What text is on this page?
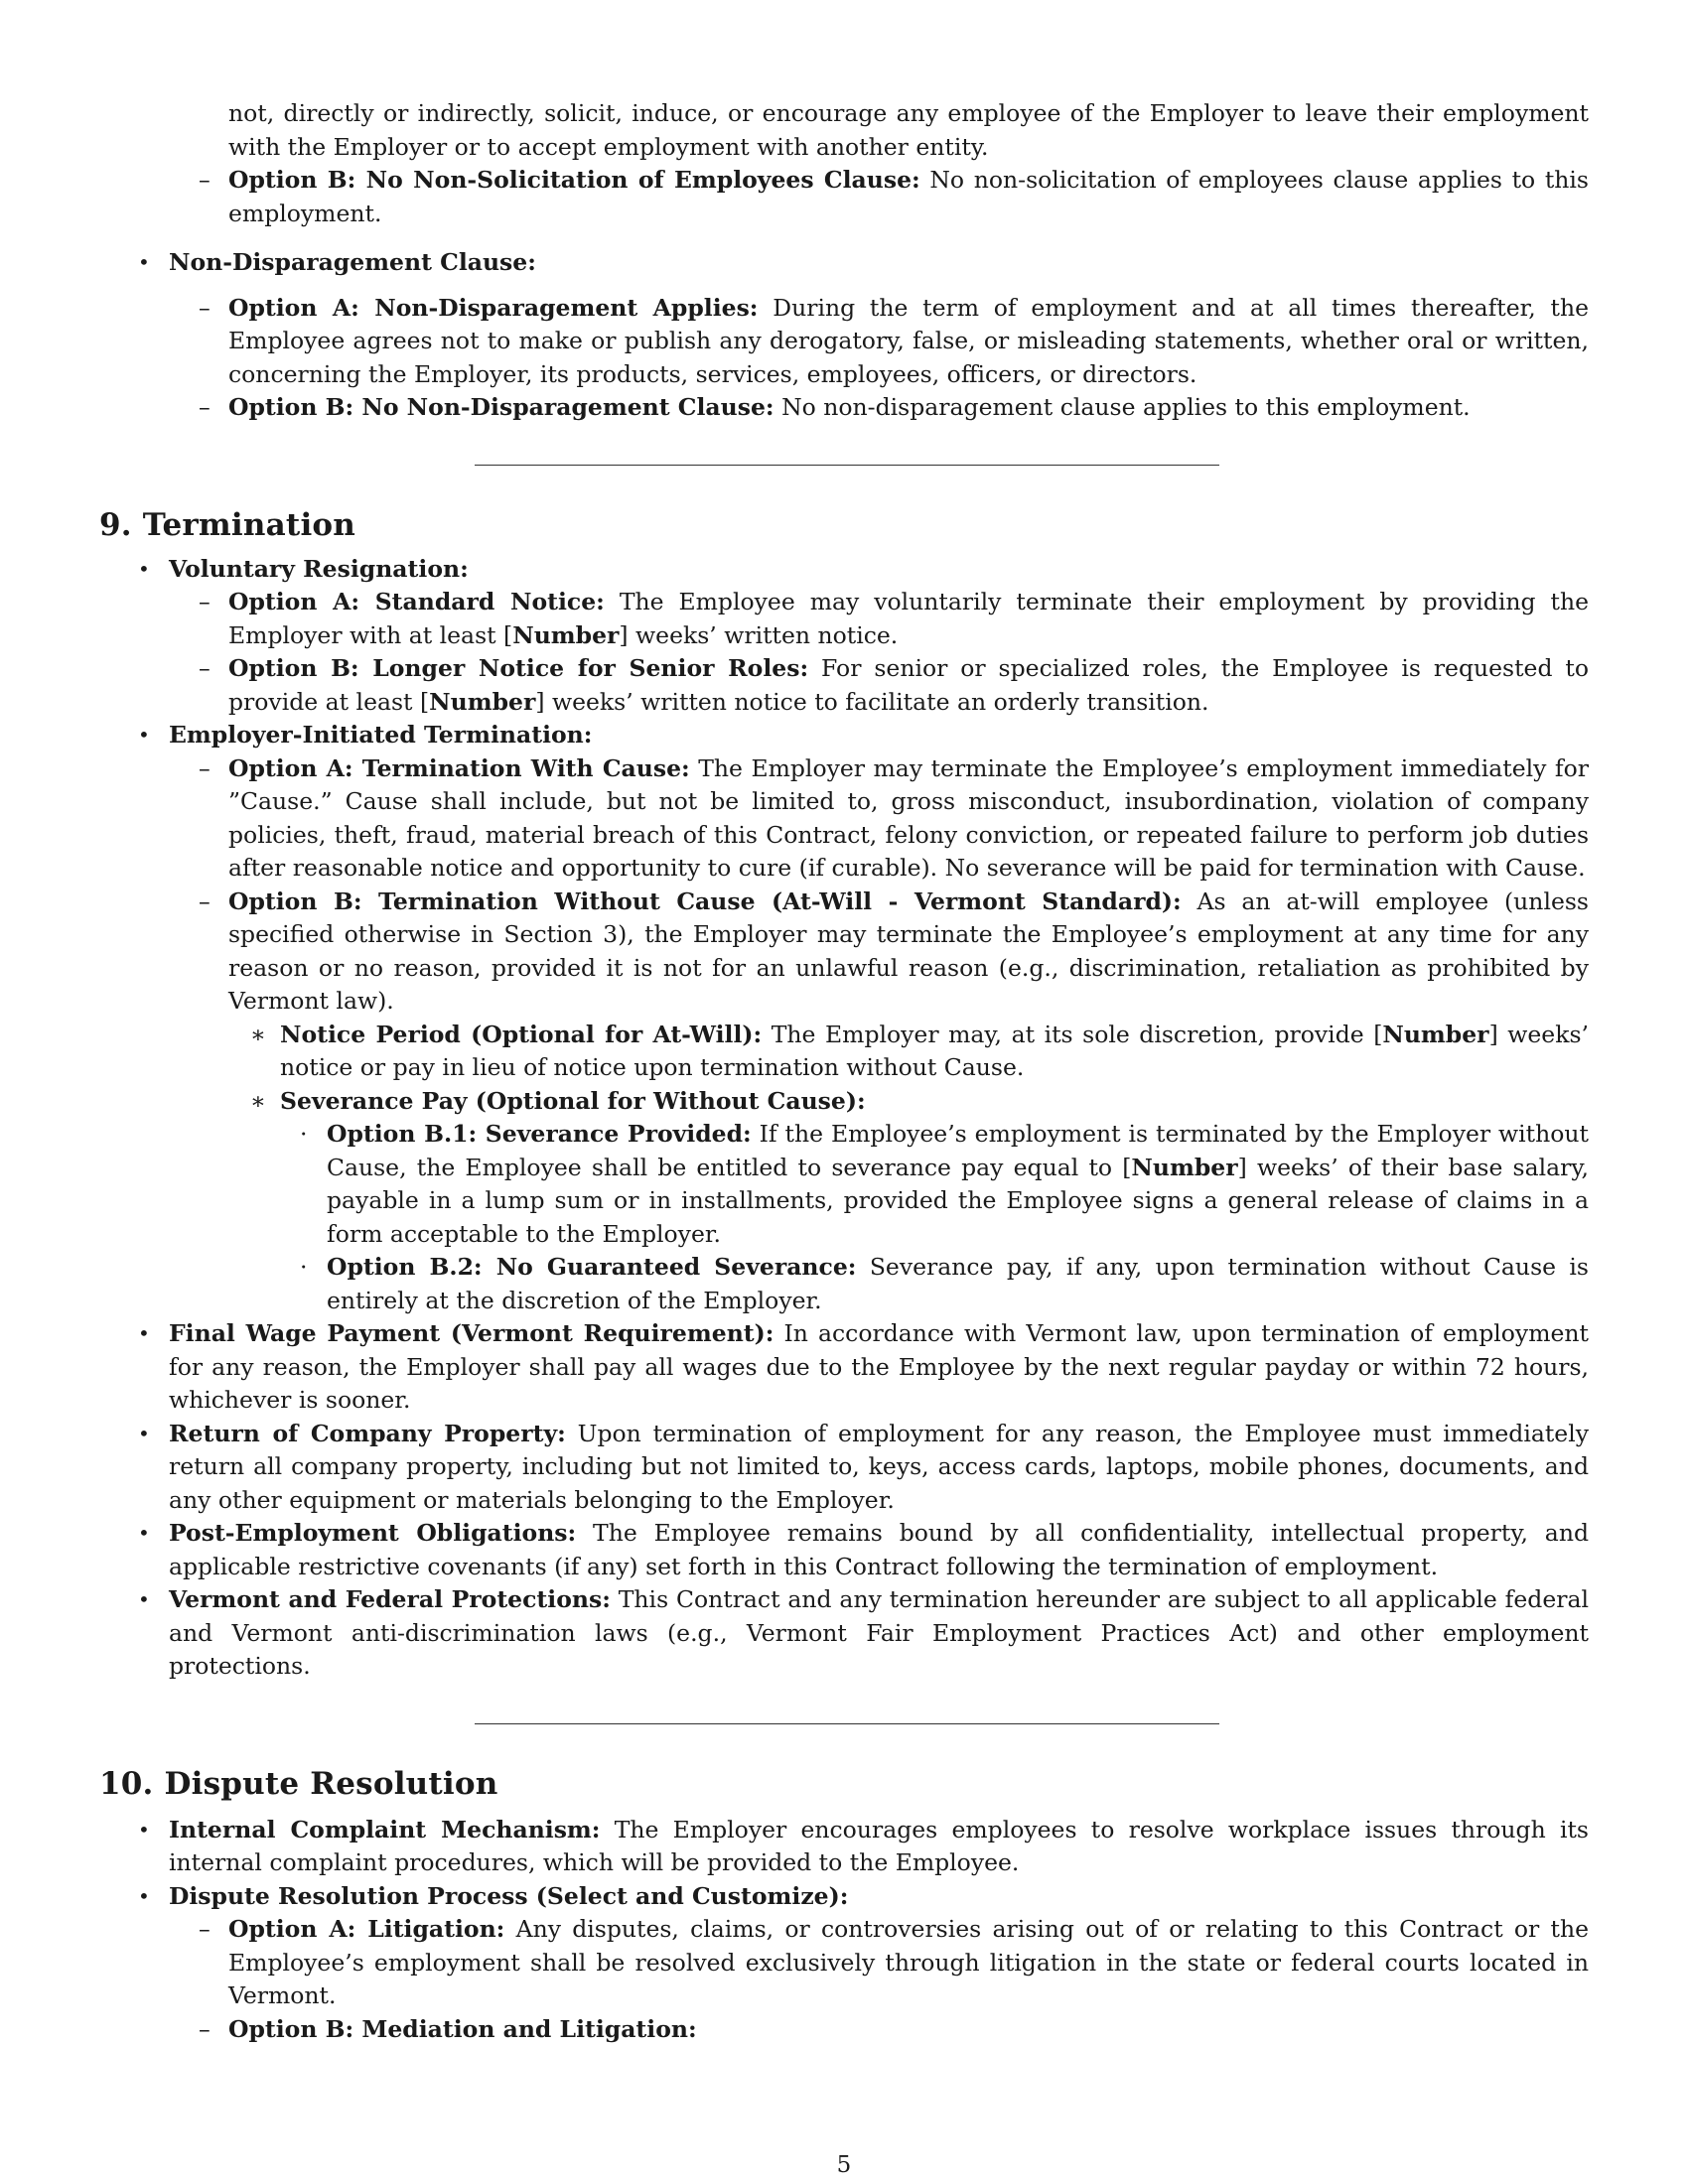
not, directly or indirectly, solicit, induce, or encourage any employee of the Employer to leave their employment with the Employer or to accept employment with another entity.
– Option B: No Non-Solicitation of Employees Clause: No non-solicitation of employees clause applies to this employment.
• Non-Disparagement Clause:
– Option A: Non-Disparagement Applies: During the term of employment and at all times thereafter, the Employee agrees not to make or publish any derogatory, false, or misleading statements, whether oral or written, concerning the Employer, its products, services, employees, officers, or directors.
– Option B: No Non-Disparagement Clause: No non-disparagement clause applies to this employment.
9. Termination
• Voluntary Resignation:
– Option A: Standard Notice: The Employee may voluntarily terminate their employment by providing the Employer with at least [Number] weeks’ written notice.
– Option B: Longer Notice for Senior Roles: For senior or specialized roles, the Employee is requested to provide at least [Number] weeks’ written notice to facilitate an orderly transition.
• Employer-Initiated Termination:
– Option A: Termination With Cause: The Employer may terminate the Employee’s employment immediately for ”Cause.” Cause shall include, but not be limited to, gross misconduct, insubordination, violation of company policies, theft, fraud, material breach of this Contract, felony conviction, or repeated failure to perform job duties after reasonable notice and opportunity to cure (if curable). No severance will be paid for termination with Cause.
– Option B: Termination Without Cause (At-Will - Vermont Standard): As an at-will employee (unless specified otherwise in Section 3), the Employer may terminate the Employee’s employment at any time for any reason or no reason, provided it is not for an unlawful reason (e.g., discrimination, retaliation as prohibited by Vermont law).
∗ Notice Period (Optional for At-Will): The Employer may, at its sole discretion, provide [Number] weeks’ notice or pay in lieu of notice upon termination without Cause.
∗ Severance Pay (Optional for Without Cause):
· Option B.1: Severance Provided: If the Employee’s employment is terminated by the Employer without Cause, the Employee shall be entitled to severance pay equal to [Number] weeks’ of their base salary, payable in a lump sum or in installments, provided the Employee signs a general release of claims in a form acceptable to the Employer.
· Option B.2: No Guaranteed Severance: Severance pay, if any, upon termination without Cause is entirely at the discretion of the Employer.
• Final Wage Payment (Vermont Requirement): In accordance with Vermont law, upon termination of employment for any reason, the Employer shall pay all wages due to the Employee by the next regular payday or within 72 hours, whichever is sooner.
• Return of Company Property: Upon termination of employment for any reason, the Employee must immediately return all company property, including but not limited to, keys, access cards, laptops, mobile phones, documents, and any other equipment or materials belonging to the Employer.
• Post-Employment Obligations: The Employee remains bound by all confidentiality, intellectual property, and applicable restrictive covenants (if any) set forth in this Contract following the termination of employment.
• Vermont and Federal Protections: This Contract and any termination hereunder are subject to all applicable federal and Vermont anti-discrimination laws (e.g., Vermont Fair Employment Practices Act) and other employment protections.
10. Dispute Resolution
• Internal Complaint Mechanism: The Employer encourages employees to resolve workplace issues through its internal complaint procedures, which will be provided to the Employee.
• Dispute Resolution Process (Select and Customize):
– Option A: Litigation: Any disputes, claims, or controversies arising out of or relating to this Contract or the Employee’s employment shall be resolved exclusively through litigation in the state or federal courts located in Vermont.
– Option B: Mediation and Litigation:
5
